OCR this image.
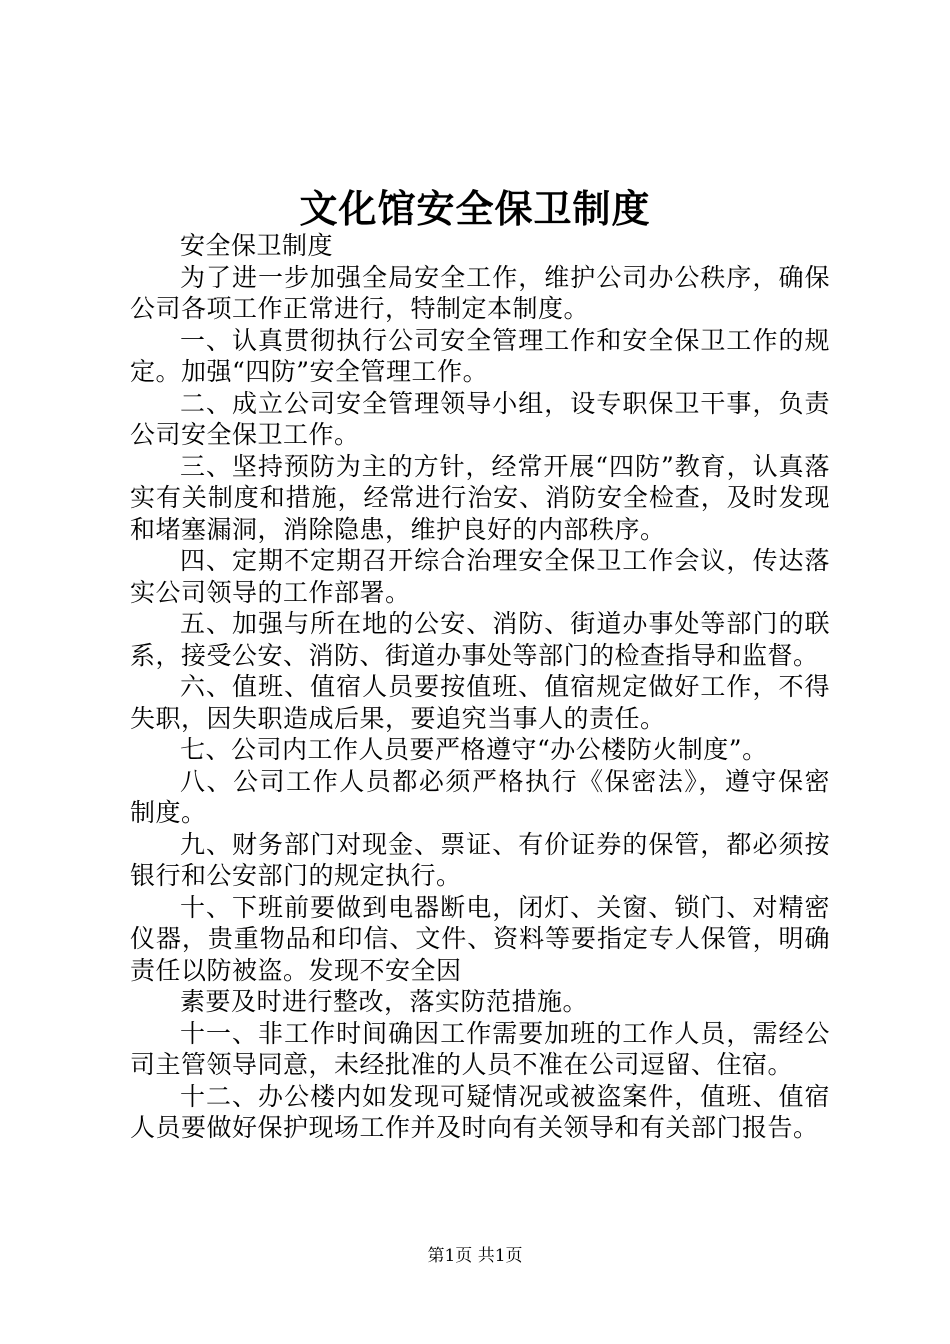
文化馆安全保卫制度

安全保卫制度

为了进一步加强全局安全工作，维护公司办公秩序，确保公司各项工作正常进行，特制定本制度。

一、认真贯彻执行公司安全管理工作和安全保卫工作的规定。加强“四防”安全管理工作。

二、成立公司安全管理领导小组，设专职保卫干事，负责公司安全保卫工作。

三、坚持预防为主的方针，经常开展“四防”教育，认真落实有关制度和措施，经常进行治安、消防安全检查，及时发现和堵塞漏洞，消除隐患，维护良好的内部秩序。

四、定期不定期召开综合治理安全保卫工作会议，传达落实公司领导的工作部署。

五、加强与所在地的公安、消防、街道办事处等部门的联系，接受公安、消防、街道办事处等部门的检查指导和监督。

六、值班、值宿人员要按值班、值宿规定做好工作，不得失职，因失职造成后果，要追究当事人的责任。

七、公司内工作人员要严格遵守“办公楼防火制度”。

八、公司工作人员都必须严格执行《保密法》，遵守保密制度。

九、财务部门对现金、票证、有价证券的保管，都必须按银行和公安部门的规定执行。

十、下班前要做到电器断电，闭灯、关窗、锁门、对精密仪器，贵重物品和印信、文件、资料等要指定专人保管，明确责任以防被盗。发现不安全因

素要及时进行整改，落实防范措施。

十一、非工作时间确因工作需要加班的工作人员，需经公司主管领导同意，未经批准的人员不准在公司逗留、住宿。

十二、办公楼内如发现可疑情况或被盗案件，值班、值宿人员要做好保护现场工作并及时向有关领导和有关部门报告。

第1页 共1页
